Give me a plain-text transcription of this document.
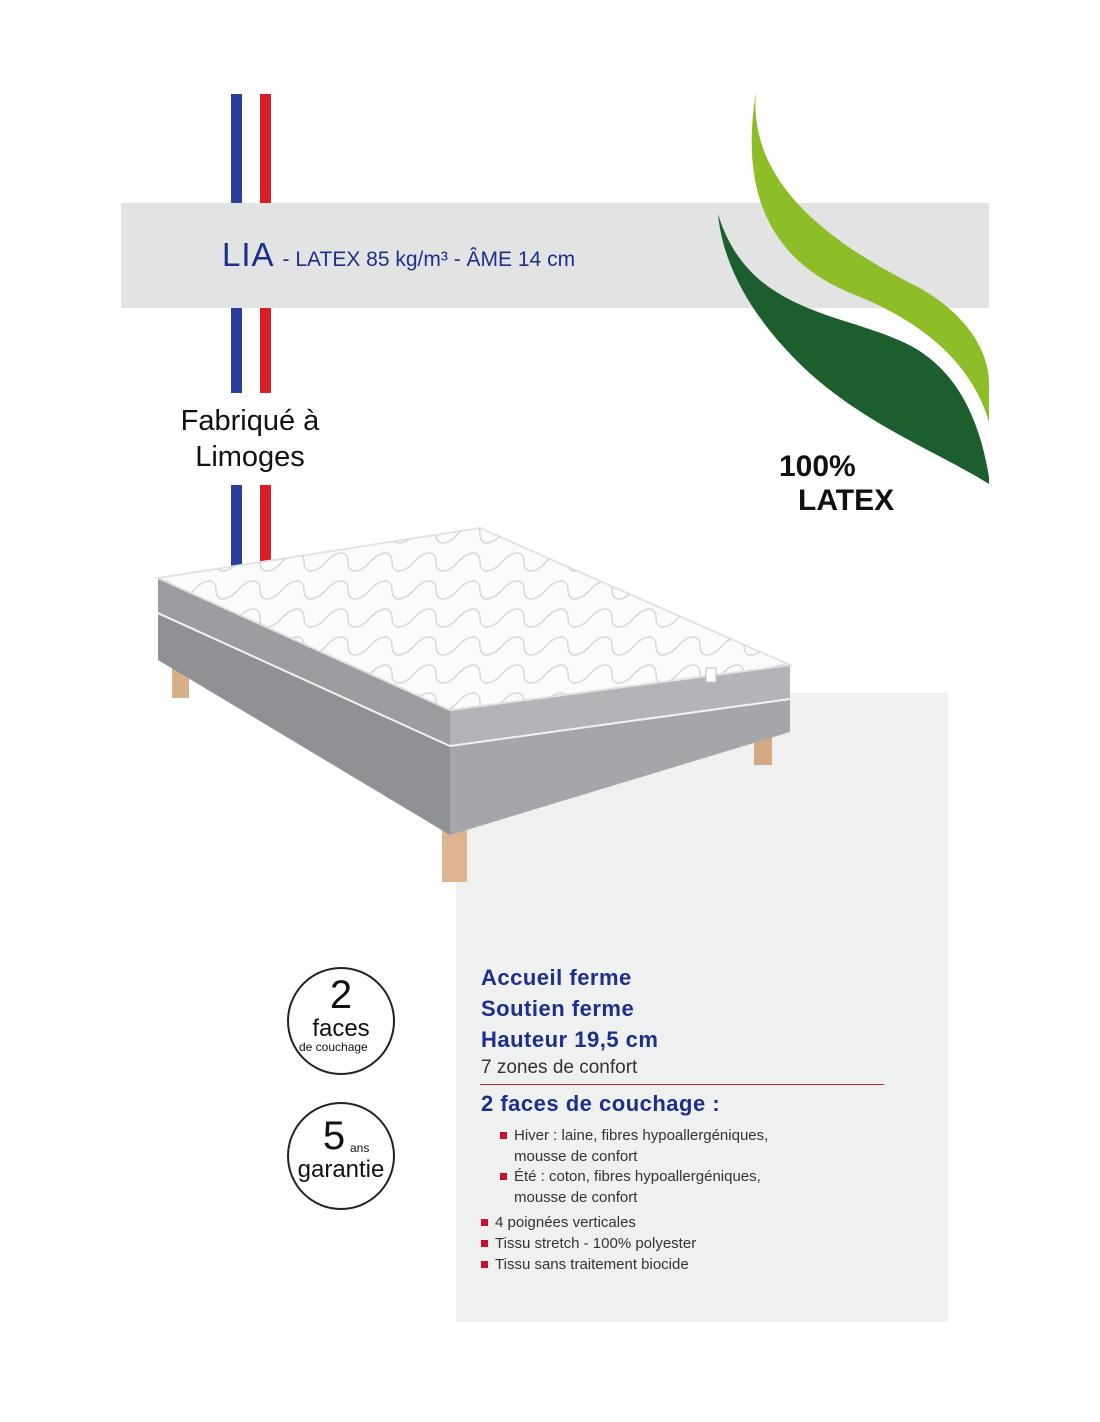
LIA - LATEX 85 kg/m³ - ÂME 14 cm
Fabriqué à
Limoges	100%
LATEX
2
faces
de couchage
5 ans
garantie
Accueil ferme
Soutien ferme
Hauteur 19,5 cm
7 zones de confort
2 faces de couchage :
Hiver : laine, fibres hypoallergéniques,
mousse de confort
Été : coton, fibres hypoallergéniques,
mousse de confort
4 poignées verticales
Tissu stretch - 100% polyester
Tissu sans traitement biocide
